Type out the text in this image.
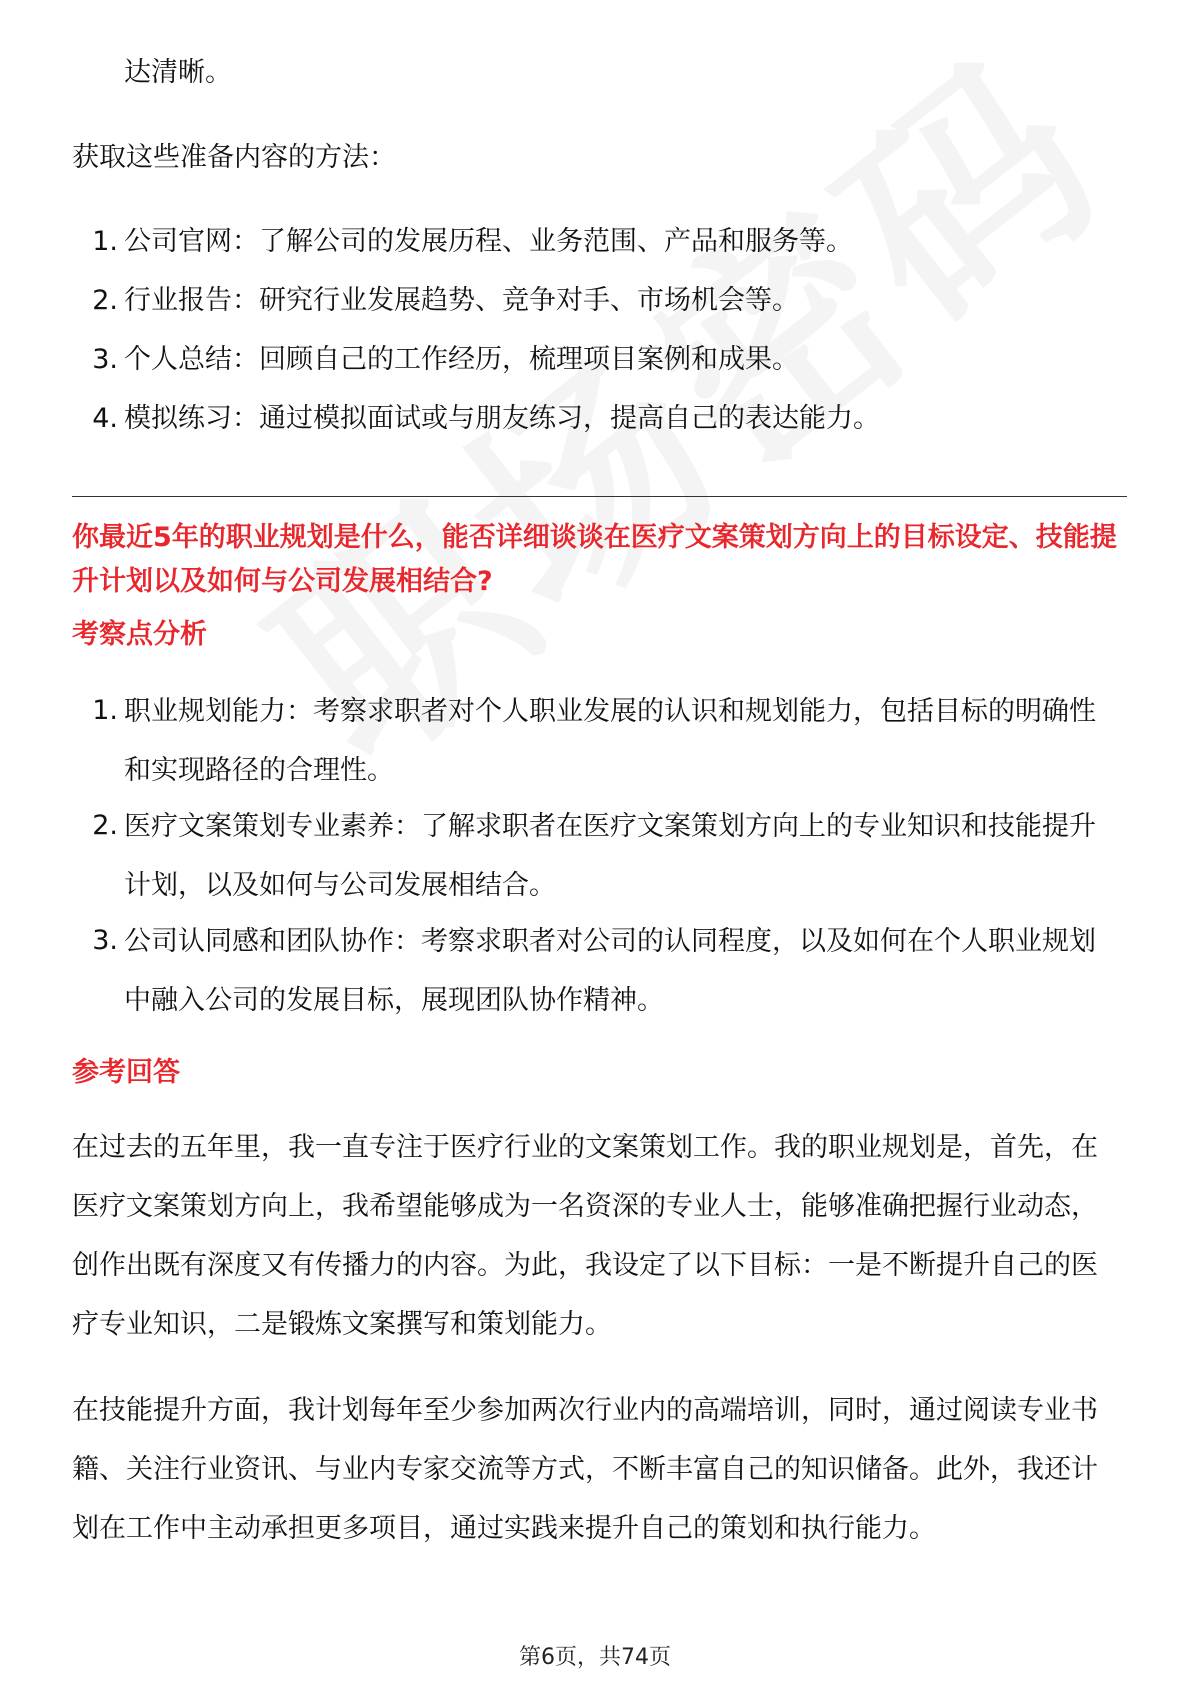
达清晰。
获取这些准备内容的方法：
1. 公司官网：了解公司的发展历程、业务范围、产品和服务等。
2. 行业报告：研究行业发展趋势、竞争对手、市场机会等。
3. 个人总结：回顾自己的工作经历，梳理项目案例和成果。
4. 模拟练习：通过模拟面试或与朋友练习，提高自己的表达能力。
你最近5年的职业规划是什么，能否详细谈谈在医疗文案策划方向上的目标设定、技能提升计划以及如何与公司发展相结合?
考察点分析
1. 职业规划能力：考察求职者对个人职业发展的认识和规划能力，包括目标的明确性和实现路径的合理性。
2. 医疗文案策划专业素养：了解求职者在医疗文案策划方向上的专业知识和技能提升计划，以及如何与公司发展相结合。
3. 公司认同感和团队协作：考察求职者对公司的认同程度，以及如何在个人职业规划中融入公司的发展目标，展现团队协作精神。
参考回答
在过去的五年里，我一直专注于医疗行业的文案策划工作。我的职业规划是，首先，在医疗文案策划方向上，我希望能够成为一名资深的专业人士，能够准确把握行业动态，创作出既有深度又有传播力的内容。为此，我设定了以下目标：一是不断提升自己的医疗专业知识，二是锻炼文案撰写和策划能力。
在技能提升方面，我计划每年至少参加两次行业内的高端培训，同时，通过阅读专业书籍、关注行业资讯、与业内专家交流等方式，不断丰富自己的知识储备。此外，我还计划在工作中主动承担更多项目，通过实践来提升自己的策划和执行能力。
第6页，共74页
